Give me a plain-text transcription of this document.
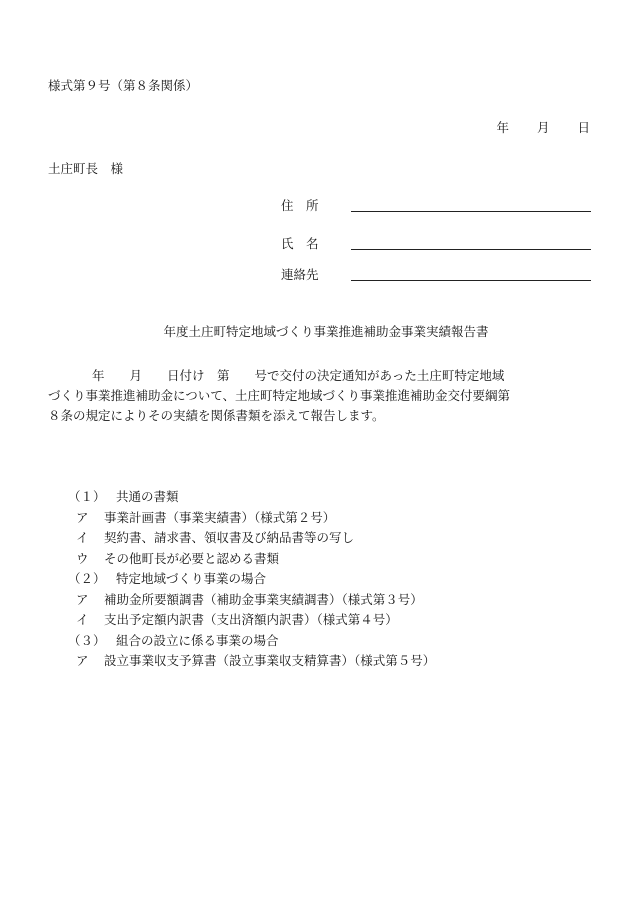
様式第９号（第８条関係）
年 月 日
土庄町長　様
住　所
氏　名
連絡先
年度土庄町特定地域づくり事業推進補助金事業実績報告書

年　　月　　日付け　第　　号で交付の決定通知があった土庄町特定地域

づくり事業推進補助金について、土庄町特定地域づくり事業推進補助金交付要綱第

８条の規定によりその実績を関係書類を添えて報告します。

（１） 共通の書類
ア 事業計画書（事業実績書）（様式第２号）
イ 契約書、請求書、領収書及び納品書等の写し
ウ その他町長が必要と認める書類
（２） 特定地域づくり事業の場合
ア 補助金所要額調書（補助金事業実績調書）（様式第３号）
イ 支出予定額内訳書（支出済額内訳書）（様式第４号）
（３） 組合の設立に係る事業の場合
ア 設立事業収支予算書（設立事業収支精算書）（様式第５号）
